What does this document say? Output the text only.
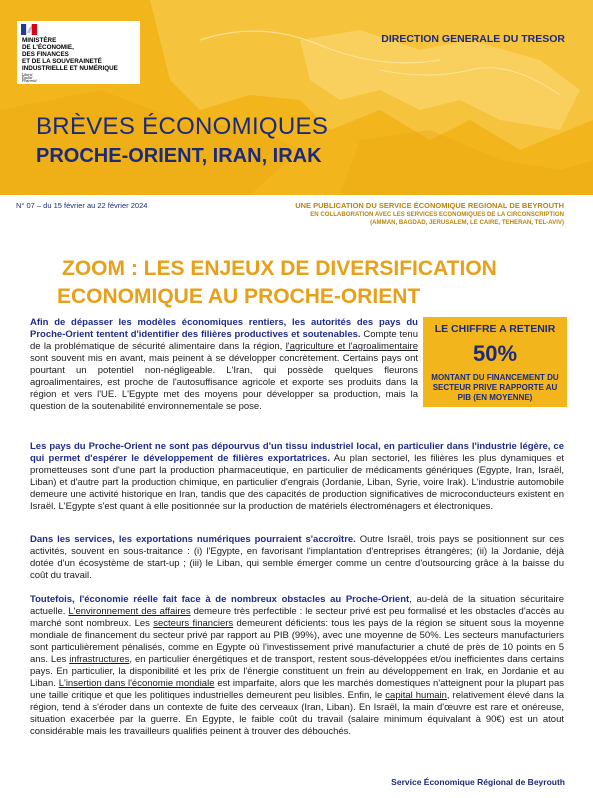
MINISTÈRE
DE L'ÉCONOMIE,
DES FINANCES
ET DE LA SOUVERAINETÉ
INDUSTRIELLE ET NUMÉRIQUE
Liberté
Égalité
Fraternité
DIRECTION GENERALE DU TRESOR
BRÈVES ÉCONOMIQUES
PROCHE-ORIENT, IRAN, IRAK
N° 07 – du 15 février au 22 février 2024	UNE PUBLICATION DU SERVICE ÉCONOMIQUE REGIONAL DE BEYROUTH
EN COLLABORATION AVEC LES SERVICES ECONOMIQUES DE LA CIRCONSCRIPTION
(AMMAN, BAGDAD, JERUSALEM, LE CAIRE, TEHERAN, TEL-AVIV)
ZOOM : LES ENJEUX DE DIVERSIFICATION
ECONOMIQUE AU PROCHE-ORIENT

Afin de dépasser les modèles économiques rentiers, les autorités des pays du Proche-Orient tentent d'identifier des filières productives et soutenables. Compte tenu de la problématique de sécurité alimentaire dans la région, l'agriculture et l'agroalimentaire sont souvent mis en avant, mais peinent à se développer concrètement. Certains pays ont pourtant un potentiel non-négligeable. L'Iran, qui possède quelques fleurons agroalimentaires, est proche de l'autosuffisance agricole et exporte ses produits dans la région et vers l'UE. L'Egypte met des moyens pour développer sa production, mais la question de la soutenabilité environnementale se pose.

LE CHIFFRE A RETENIR
50%
MONTANT DU FINANCEMENT DU SECTEUR PRIVE RAPPORTE AU PIB (EN MOYENNE)

Les pays du Proche-Orient ne sont pas dépourvus d'un tissu industriel local, en particulier dans l'industrie légère, ce qui permet d'espérer le développement de filières exportatrices. Au plan sectoriel, les filières les plus dynamiques et prometteuses sont d'une part la production pharmaceutique, en particulier de médicaments génériques (Egypte, Iran, Israël, Liban) et d'autre part la production chimique, en particulier d'engrais (Jordanie, Liban, Syrie, voire Irak). L'industrie automobile demeure une activité historique en Iran, tandis que des capacités de production significatives de microconducteurs existent en Israël. L'Egypte s'est quant à elle positionnée sur la production de matériels électroménagers et électroniques.

Dans les services, les exportations numériques pourraient s'accroître. Outre Israël, trois pays se positionnent sur ces activités, souvent en sous-traitance : (i) l'Egypte, en favorisant l'implantation d'entreprises étrangères; (ii) la Jordanie, déjà dotée d'un écosystème de start-up ; (iii) le Liban, qui semble émerger comme un centre d'outsourcing grâce à la baisse du coût du travail.

Toutefois, l'économie réelle fait face à de nombreux obstacles au Proche-Orient, au-delà de la situation sécuritaire actuelle. L'environnement des affaires demeure très perfectible : le secteur privé est peu formalisé et les obstacles d'accès au marché sont nombreux. Les secteurs financiers demeurent déficients: tous les pays de la région se situent sous la moyenne mondiale de financement du secteur privé par rapport au PIB (99%), avec une moyenne de 50%. Les secteurs manufacturiers sont particulièrement pénalisés, comme en Egypte où l'investissement privé manufacturier a chuté de près de 10 points en 5 ans. Les infrastructures, en particulier énergétiques et de transport, restent sous-développées et/ou inefficientes dans certains pays. En particulier, la disponibilité et les prix de l'énergie constituent un frein au développement en Irak, en Jordanie et au Liban. L'insertion dans l'économie mondiale est imparfaite, alors que les marchés domestiques n'atteignent pour la plupart pas une taille critique et que les politiques industrielles demeurent peu lisibles. Enfin, le capital humain, relativement élevé dans la région, tend à s'éroder dans un contexte de fuite des cerveaux (Iran, Liban). En Israël, la main d'œuvre est rare et onéreuse, situation exacerbée par la guerre. En Egypte, le faible coût du travail (salaire minimum équivalant à 90€) est un atout considérable mais les travailleurs qualifiés peinent à trouver des débouchés.

Service Économique Régional de Beyrouth
